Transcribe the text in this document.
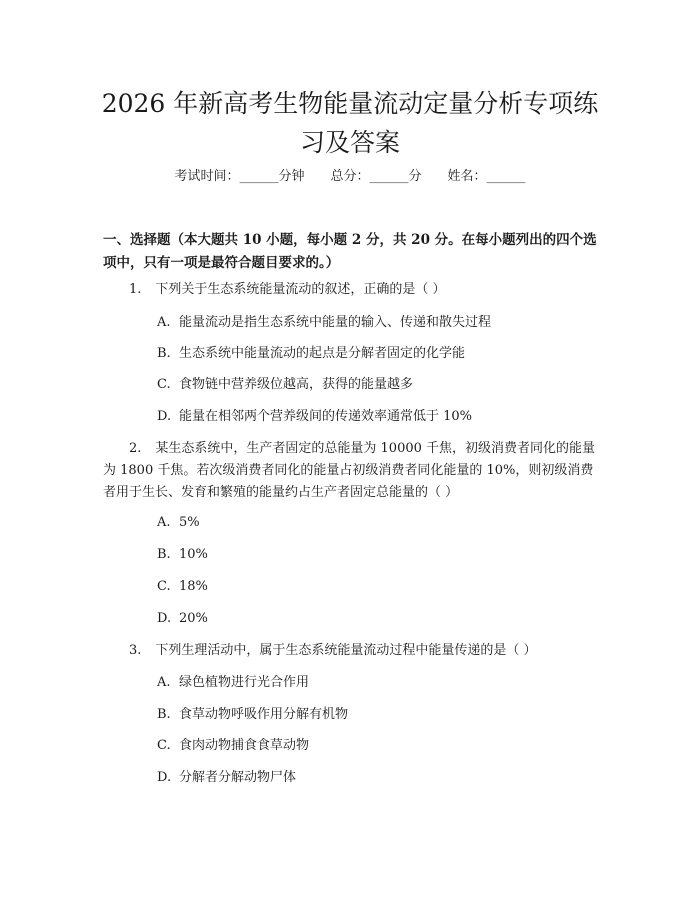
2026 年新高考生物能量流动定量分析专项练习及答案
考试时间：______分钟 总分：______分 姓名：______

一、选择题（本大题共 10 小题，每小题 2 分，共 20 分。在每小题列出的四个选项中，只有一项是最符合题目要求的。）

1. 下列关于生态系统能量流动的叙述，正确的是（ ）

A. 能量流动是指生态系统中能量的输入、传递和散失过程
B. 生态系统中能量流动的起点是分解者固定的化学能
C. 食物链中营养级位越高，获得的能量越多
D. 能量在相邻两个营养级间的传递效率通常低于 10%

2. 某生态系统中，生产者固定的总能量为 10000 千焦，初级消费者同化的能量为 1800 千焦。若次级消费者同化的能量占初级消费者同化能量的 10%，则初级消费者用于生长、发育和繁殖的能量约占生产者固定总能量的（ ）

A. 5%
B. 10%
C. 18%
D. 20%

3. 下列生理活动中，属于生态系统能量流动过程中能量传递的是（ ）

A. 绿色植物进行光合作用
B. 食草动物呼吸作用分解有机物
C. 食肉动物捕食食草动物
D. 分解者分解动物尸体
